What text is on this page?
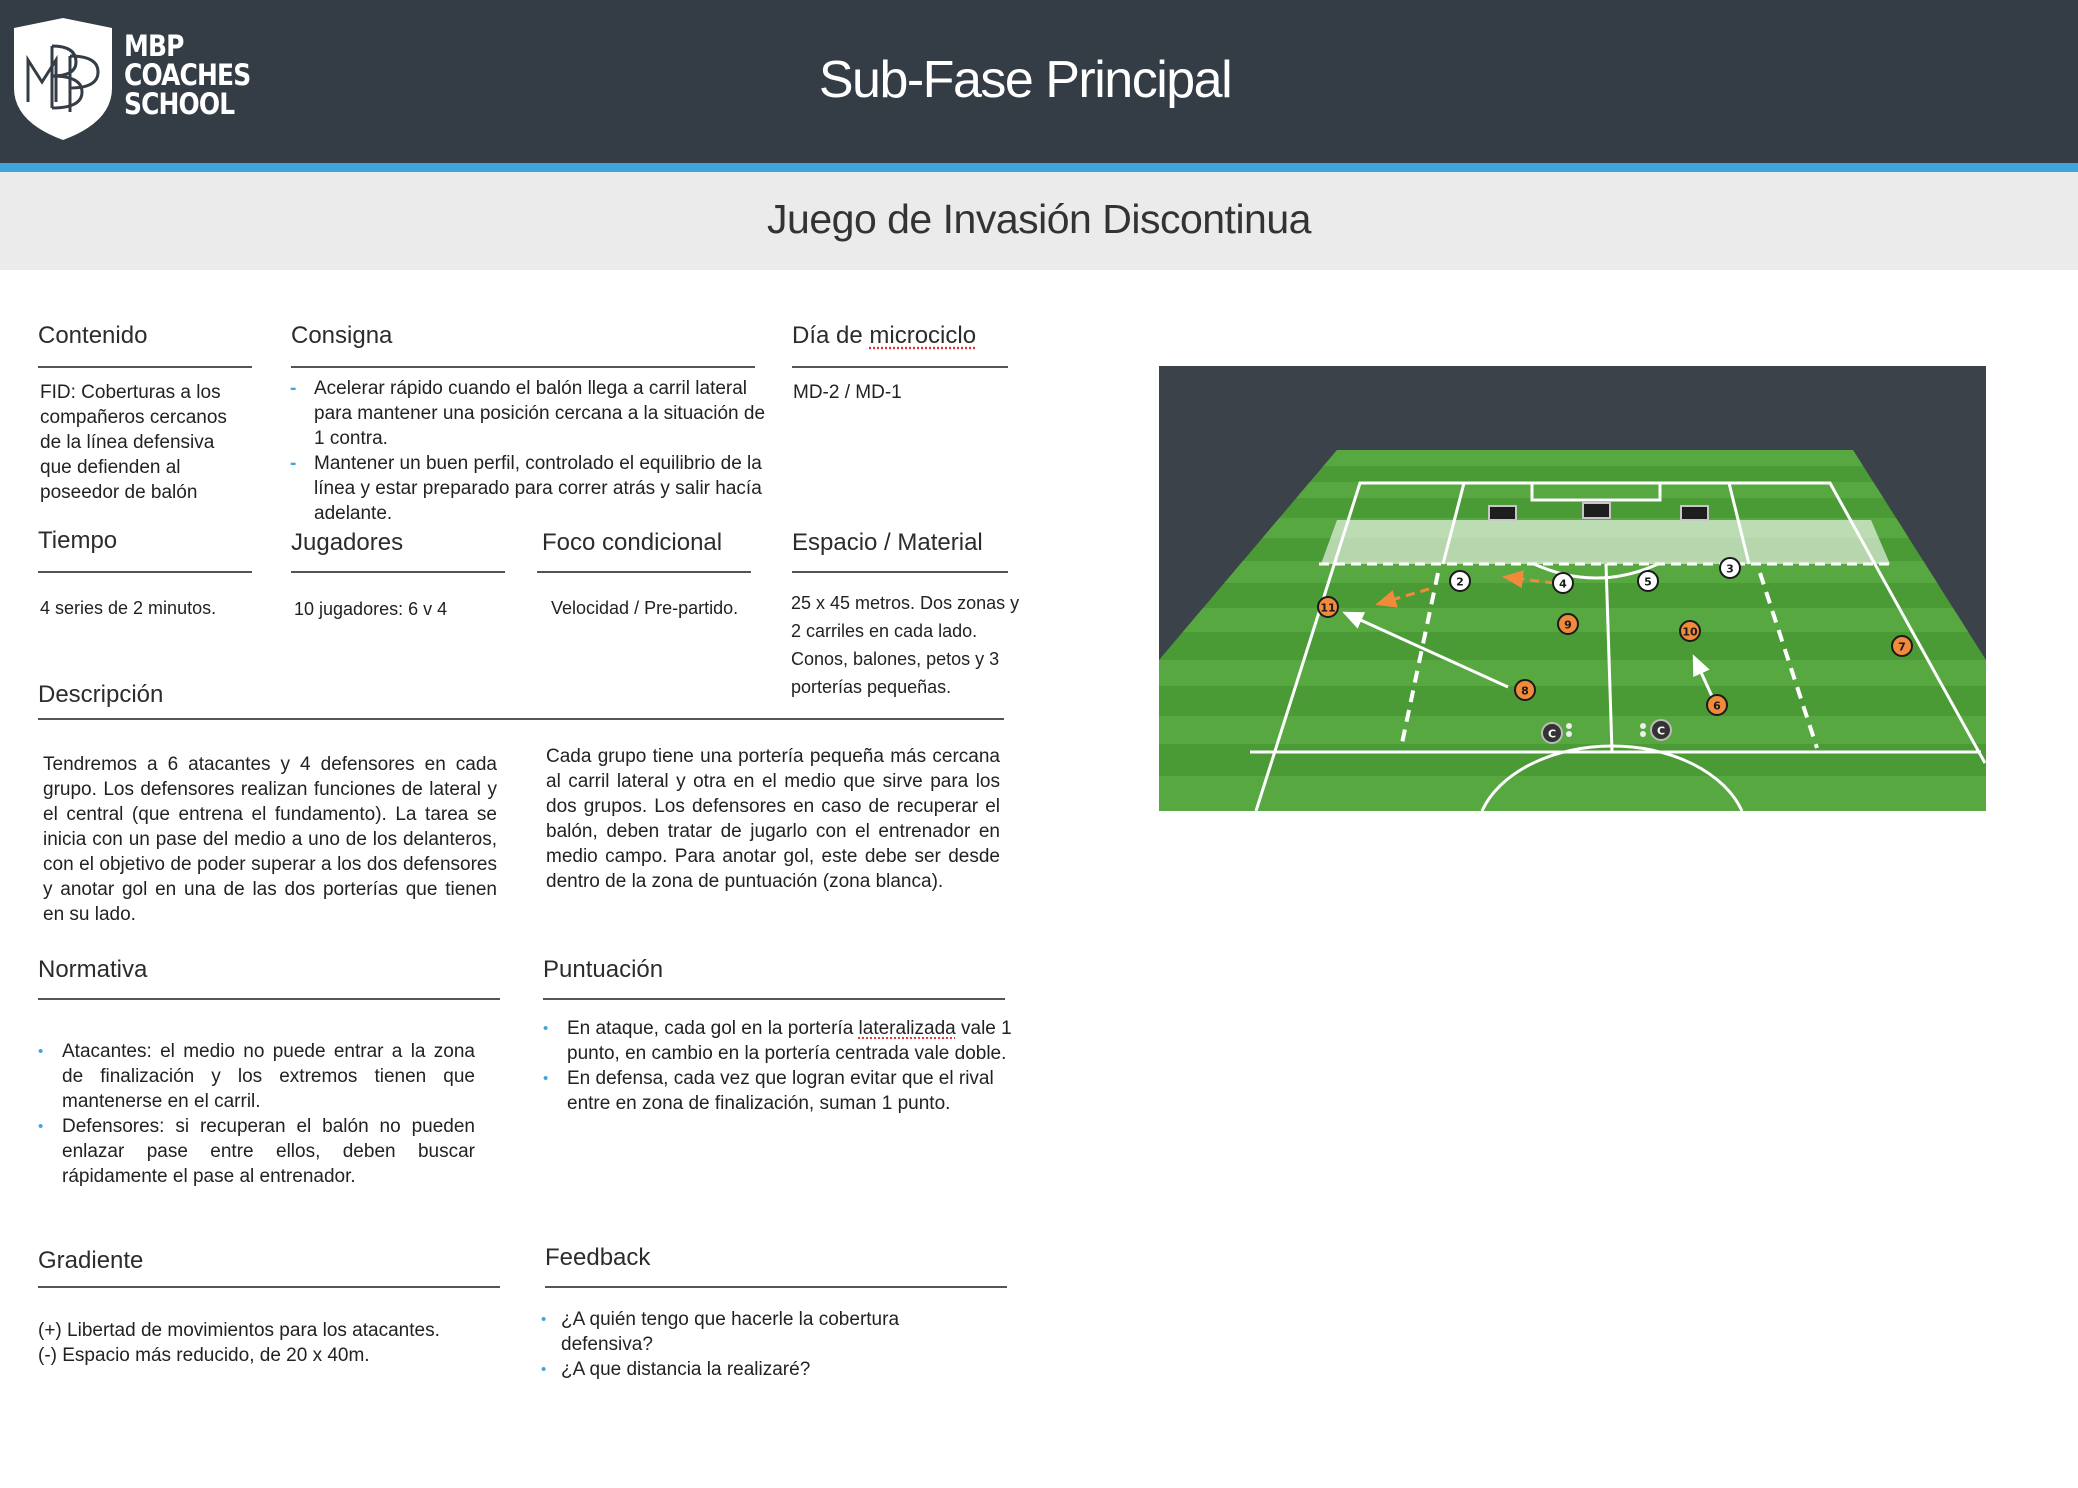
MBP
COACHES
SCHOOL	Sub-Fase Principal
Juego de Invasión Discontinua
Contenido
FID: Coberturas a los compañeros cercanos de la línea defensiva que defienden al poseedor de balón
Consigna
- Acelerar rápido cuando el balón llega a carril lateral para mantener una posición cercana a la situación de 1 contra.
- Mantener un buen perfil, controlado el equilibrio de la línea y estar preparado para correr atrás y salir hacía adelante.
Día de microciclo
MD-2 / MD-1
Tiempo
4 series de 2 minutos.
Jugadores
10 jugadores: 6 v 4
Foco condicional
Velocidad / Pre-partido.
Espacio / Material
25 x 45 metros. Dos zonas y 2 carriles en cada lado. Conos, balones, petos y 3 porterías pequeñas.
Descripción
Tendremos a 6 atacantes y 4 defensores en cada grupo. Los defensores realizan funciones de lateral y el central (que entrena el fundamento). La tarea se inicia con un pase del medio a uno de los delanteros, con el objetivo de poder superar a los dos defensores y anotar gol en una de las dos porterías que tienen en su lado.
Cada grupo tiene una portería pequeña más cercana al carril lateral y otra en el medio que sirve para los dos grupos. Los defensores en caso de recuperar el balón, deben tratar de jugarlo con el entrenador en medio campo. Para anotar gol, este debe ser desde dentro de la zona de puntuación (zona blanca).
Normativa
• Atacantes: el medio no puede entrar a la zona de finalización y los extremos tienen que mantenerse en el carril.
• Defensores: si recuperan el balón no pueden enlazar pase entre ellos, deben buscar rápidamente el pase al entrenador.
Puntuación
• En ataque, cada gol en la portería lateralizada vale 1 punto, en cambio en la portería centrada vale doble.
• En defensa, cada vez que logran evitar que el rival entre en zona de finalización, suman 1 punto.
Gradiente
(+) Libertad de movimientos para los atacantes.
(-) Espacio más reducido, de 20 x 40m.
Feedback
• ¿A quién tengo que hacerle la cobertura defensiva?
• ¿A que distancia la realizaré?
11
2	4	5
3
9
10
7
8
6
C	C
